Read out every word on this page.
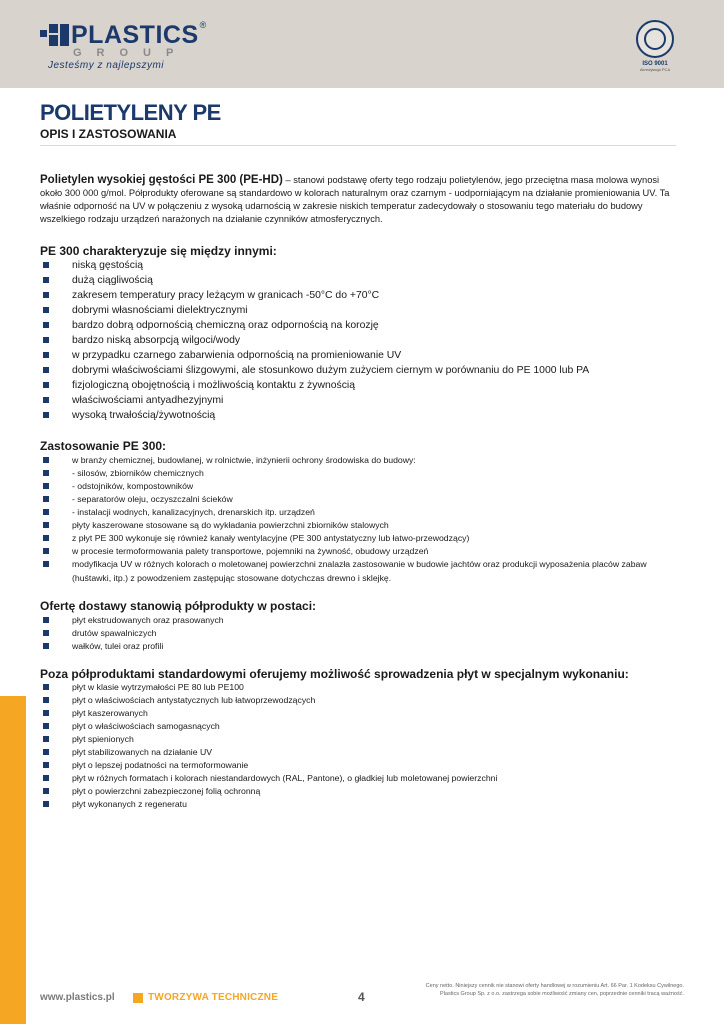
PLASTICS ®
GROUP
Jesteśmy z najlepszymi	ISO 9001
Akredytacja PCA
POLIETYLENY PE
OPIS I ZASTOSOWANIA

Polietylen wysokiej gęstości PE 300 (PE-HD) – stanowi podstawę oferty tego rodzaju polietylenów, jego przeciętna masa molowa wynosi około 300 000 g/mol. Półprodukty oferowane są standardowo w kolorach naturalnym oraz czarnym - uodporniającym na działanie promieniowania UV. Ta właśnie odporność na UV w połączeniu z wysoką udarnością w zakresie niskich temperatur zadecydowały o stosowaniu tego materiału do budowy wszelkiego rodzaju urządzeń narażonych na działanie czynników atmosferycznych.

PE 300 charakteryzuje się między innymi:
niską gęstością
dużą ciągliwością
zakresem temperatury pracy leżącym w granicach -50°C do +70°C
dobrymi własnościami dielektrycznymi
bardzo dobrą odpornością chemiczną oraz odpornością na korozję
bardzo niską absorpcją wilgoci/wody
w przypadku czarnego zabarwienia odpornością na promieniowanie UV
dobrymi właściwościami ślizgowymi, ale stosunkowo dużym zużyciem ciernym w porównaniu do PE 1000 lub PA
fizjologiczną obojętnością i możliwością kontaktu z żywnością
właściwościami antyadhezyjnymi
wysoką trwałością/żywotnością
Zastosowanie PE 300:
w branży chemicznej, budowlanej, w rolnictwie, inżynierii ochrony środowiska do budowy:
- silosów, zbiorników chemicznych
- odstojników, kompostowników
- separatorów oleju, oczyszczalni ścieków
- instalacji wodnych, kanalizacyjnych, drenarskich itp. urządzeń
płyty kaszerowane stosowane są do wykładania powierzchni zbiorników stalowych
z płyt PE 300 wykonuje się również kanały wentylacyjne (PE 300 antystatyczny lub łatwo-przewodzący)
w procesie termoformowania palety transportowe, pojemniki na żywność, obudowy urządzeń
modyfikacja UV w różnych kolorach o moletowanej powierzchni znalazła zastosowanie w budowie jachtów oraz produkcji wyposażenia placów zabaw (huśtawki, itp.) z powodzeniem zastępując stosowane dotychczas drewno i sklejkę.
Ofertę dostawy stanowią półprodukty w postaci:
płyt ekstrudowanych oraz prasowanych
drutów spawalniczych
wałków, tulei oraz profili
Poza półproduktami standardowymi oferujemy możliwość sprowadzenia płyt w specjalnym wykonaniu:
płyt w klasie wytrzymałości PE 80 lub PE100
płyt o właściwościach antystatycznych lub łatwoprzewodzących
płyt kaszerowanych
płyt o właściwościach samogasnących
płyt spienionych
płyt stabilizowanych na działanie UV
płyt o lepszej podatności na termoformowanie
płyt w różnych formatach i kolorach niestandardowych (RAL, Pantone), o gładkiej lub moletowanej powierzchni
płyt o powierzchni zabezpieczonej folią ochronną
płyt wykonanych z regeneratu
www.plastics.pl	TWORZYWA TECHNICZNE	4
Ceny netto. Niniejszy cennik nie stanowi oferty handlowej w rozumieniu Art. 66 Par. 1 Kodeksu Cywilnego.
Plastics Group Sp. z o.o. zastrzega sobie możliwość zmiany cen, poprzednie cenniki tracą ważność.
